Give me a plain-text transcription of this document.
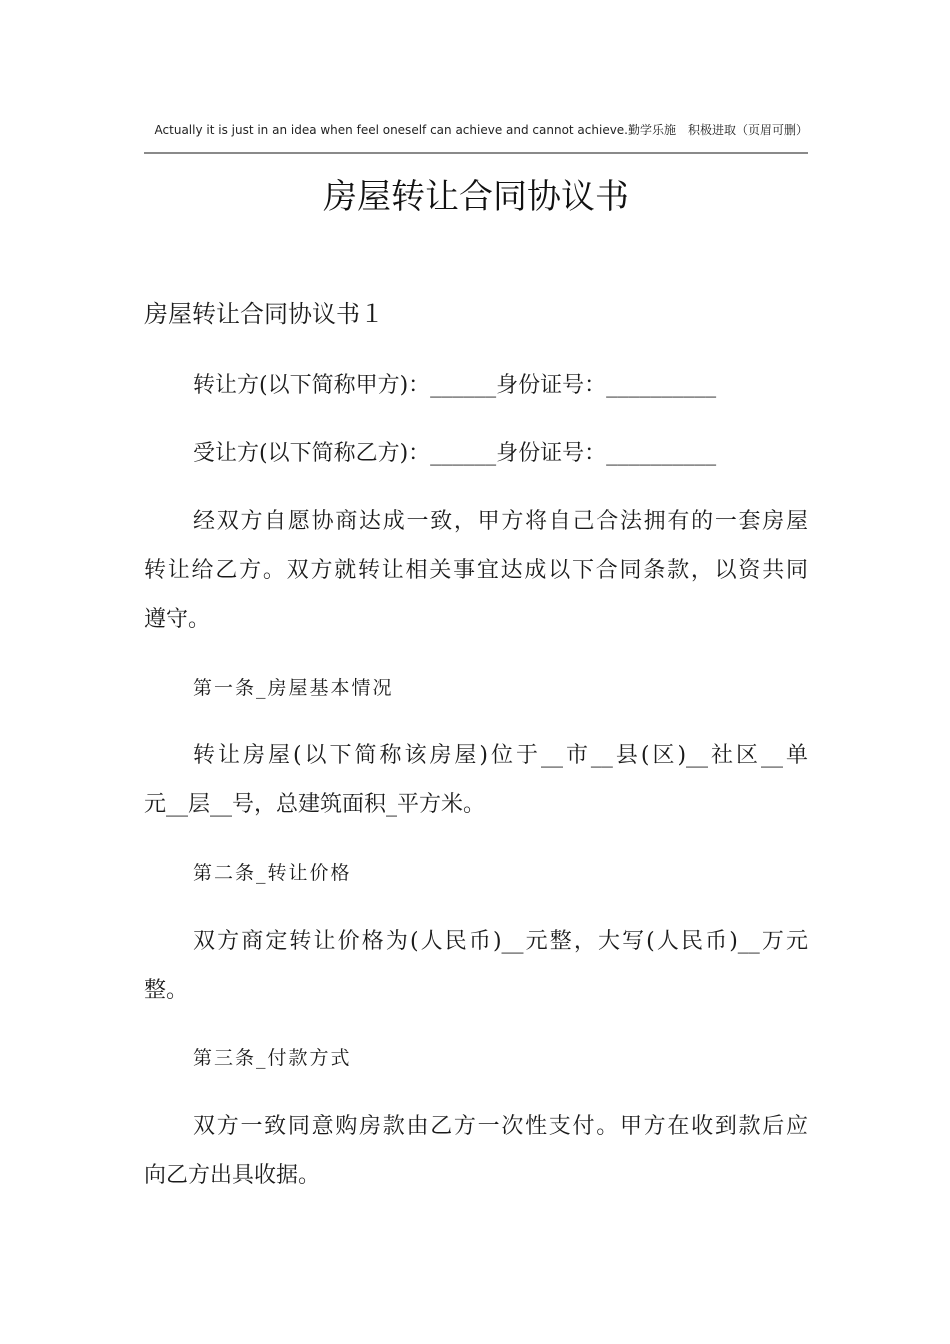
Actually it is just in an idea when feel oneself can achieve and cannot achieve.勤学乐施　积极进取（页眉可删）
房屋转让合同协议书
房屋转让合同协议书１
转让方(以下简称甲方)：______身份证号：__________
受让方(以下简称乙方)：______身份证号：__________
经双方自愿协商达成一致，甲方将自己合法拥有的一套房屋
转让给乙方。双方就转让相关事宜达成以下合同条款，以资共同
遵守。
第一条_房屋基本情况
转让房屋(以下简称该房屋)位于__市__县(区)__社区__单
元__层__号，总建筑面积_平方米。
第二条_转让价格
双方商定转让价格为(人民币)__元整，大写(人民币)__万元
整。
第三条_付款方式
双方一致同意购房款由乙方一次性支付。甲方在收到款后应
向乙方出具收据。
